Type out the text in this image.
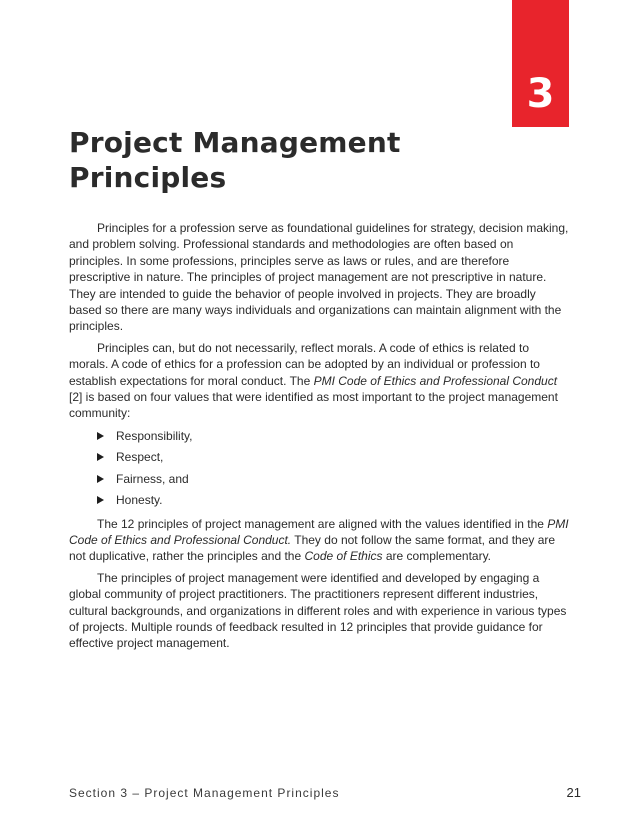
3
Project Management
Principles

Principles for a profession serve as foundational guidelines for strategy, decision making, and problem solving. Professional standards and methodologies are often based on principles. In some professions, principles serve as laws or rules, and are therefore prescriptive in nature. The principles of project management are not prescriptive in nature. They are intended to guide the behavior of people involved in projects. They are broadly based so there are many ways individuals and organizations can maintain alignment with the principles.

Principles can, but do not necessarily, reflect morals. A code of ethics is related to morals. A code of ethics for a profession can be adopted by an individual or profession to establish expectations for moral conduct. The PMI Code of Ethics and Professional Conduct [2] is based on four values that were identified as most important to the project management community:

Responsibility,
Respect,
Fairness, and
Honesty.

The 12 principles of project management are aligned with the values identified in the PMI Code of Ethics and Professional Conduct. They do not follow the same format, and they are not duplicative, rather the principles and the Code of Ethics are complementary.

The principles of project management were identified and developed by engaging a global community of project practitioners. The practitioners represent different industries, cultural backgrounds, and organizations in different roles and with experience in various types of projects. Multiple rounds of feedback resulted in 12 principles that provide guidance for effective project management.

Section 3 – Project Management Principles	21
